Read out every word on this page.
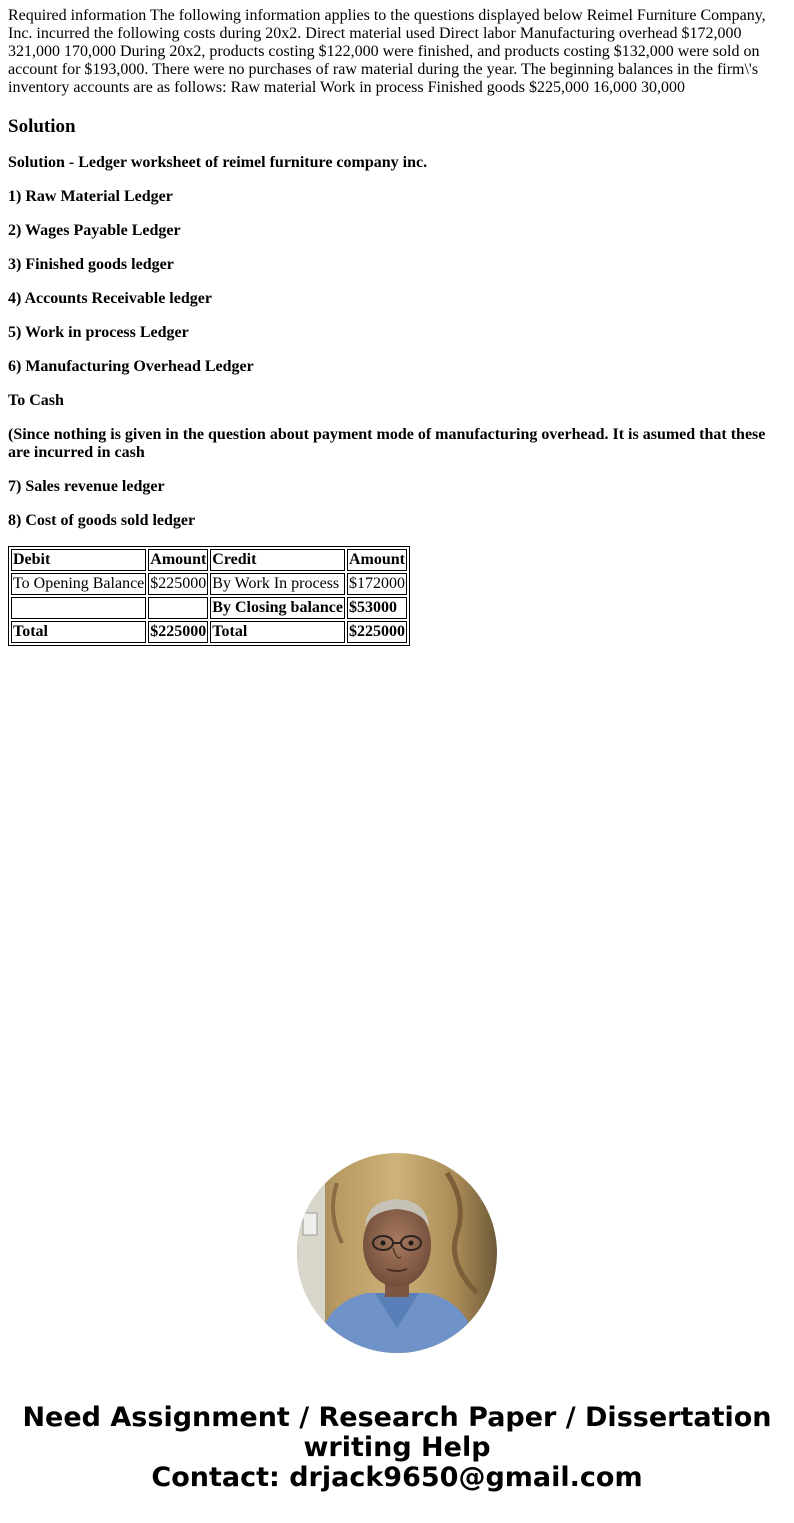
Required information The following information applies to the questions displayed below Reimel Furniture Company, Inc. incurred the following costs during 20x2. Direct material used Direct labor Manufacturing overhead $172,000 321,000 170,000 During 20x2, products costing $122,000 were finished, and products costing $132,000 were sold on account for $193,000. There were no purchases of raw material during the year. The beginning balances in the firm\'s inventory accounts are as follows: Raw material Work in process Finished goods $225,000 16,000 30,000

Solution
Solution - Ledger worksheet of reimel furniture company inc.
1) Raw Material Ledger
2) Wages Payable Ledger
3) Finished goods ledger
4) Accounts Receivable ledger
5) Work in process Ledger
6) Manufacturing Overhead Ledger
To Cash
(Since nothing is given in the question about payment mode of manufacturing overhead. It is asumed that these are incurred in cash
7) Sales revenue ledger
8) Cost of goods sold ledger
Debit	Amount	Credit	Amount
To Opening Balance	$225000	By Work In process	$172000
		By Closing balance	$53000
Total	$225000	Total	$225000
Need Assignment / Research Paper / Dissertation
writing Help
Contact: drjack9650@gmail.com
